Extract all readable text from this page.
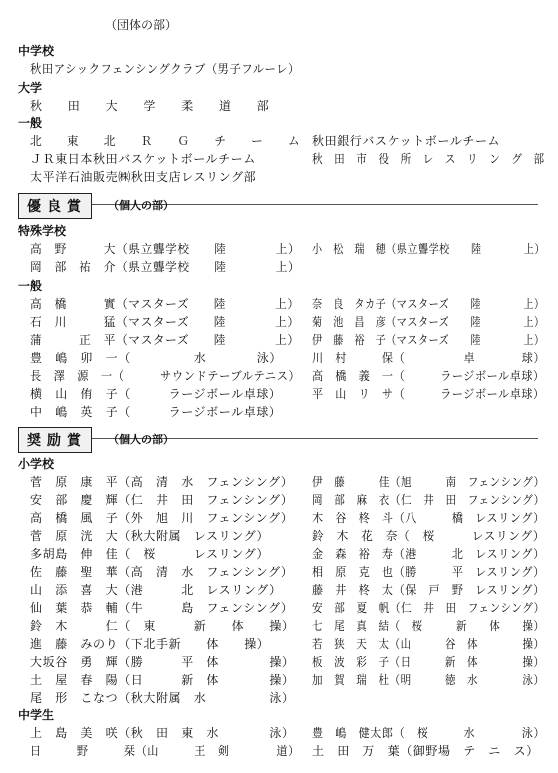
（団体の部）
中学校
秋田アシックフェンシングクラブ（男子フルーレ）
大学
秋　　田　　大　　学　　柔　　道　　部
一般
北　　東　　北　　Ｒ　　Ｇ　　チ　　ー　　ム
ＪＲ東日本秋田バスケットボールチーム
太平洋石油販売㈱秋田支店レスリング部
秋田銀行バスケットボールチーム
秋　田　市　役　所　レ　ス　リ　ン　グ　部
優良賞	（個人の部）
特殊学校
高　野　　　大（県立聾学校　　陸　　　　上）
岡　部　祐　介（県立聾学校　　陸　　　　上）
小　松　瑞　穂（県立聾学校　　陸　　　　上）
一般
高　橋　　　實（マスターズ　　陸　　　　上）
石　川　　　猛（マスターズ　　陸　　　　上）
蒲　　　正　平（マスターズ　　陸　　　　上）
豊　嶋　卯　一（　　　　　水　　　　泳）
長　澤　源　一（　　　サウンドテーブルテニス）
横　山　侑　子（　　　ラージボール卓球）
中　嶋　英　子（　　　ラージボール卓球）
奈　良　タカ子（マスターズ　　陸　　　　上）
菊　池　昌　彦（マスターズ　　陸　　　　上）
伊　藤　裕　子（マスターズ　　陸　　　　上）
川　村　　　保（　　　　　卓　　　　球）
高　橋　義　一（　　　ラージボール卓球）
平　山　リ　サ（　　　ラージボール卓球）
奨励賞	（個人の部）
小学校
菅　原　康　平（高　清　水　フェンシング）
安　部　慶　輝（仁　井　田　フェンシング）
高　橋　風　子（外　旭　川　フェンシング）
菅　原　洸　大（秋大附属　レスリング）
多胡島　伸　佳（　桜　　　レスリング）
佐　藤　聖　華（高　清　水　フェンシング）
山　添　喜　大（港　　　北　レスリング）
仙　葉　恭　輔（牛　　　島　フェンシング）
鈴　木　　　仁（　東　　　新　　体　　操）
進　藤　みのり（下北手新　　体　　操）
大坂谷　勇　輝（勝　　　平　体　　　　操）
土　屋　春　陽（日　　　新　体　　　　操）
尾　形　こなつ（秋大附属　水　　　　　泳）
伊　藤　　　佳（旭　　　南　フェンシング）
岡　部　麻　衣（仁　井　田　フェンシング）
木　谷　柊　斗（八　　　橋　レスリング）
鈴　木　花　奈（　桜　　　レスリング）
金　森　裕　寿（港　　　北　レスリング）
相　原　克　也（勝　　　平　レスリング）
藤　井　柊　太（保　戸　野　レスリング）
安　部　夏　帆（仁　井　田　フェンシング）
七　尾　真　結（　桜　　　新　　体　　操）
若　狭　天　太（山　　　谷　体　　　　操）
板　波　彩　子（日　　　新　体　　　　操）
加　賀　瑞　杜（明　　　徳　水　　　　泳）
中学生
上　島　美　咲（秋　田　東　水　　　　泳）
日　　　野　　　栞（山　　　王　剣　　　　道）
豊　嶋　健太郎（　桜　　　水　　　　泳）
土　田　万　葉（御野場　テ　ニ　ス）
